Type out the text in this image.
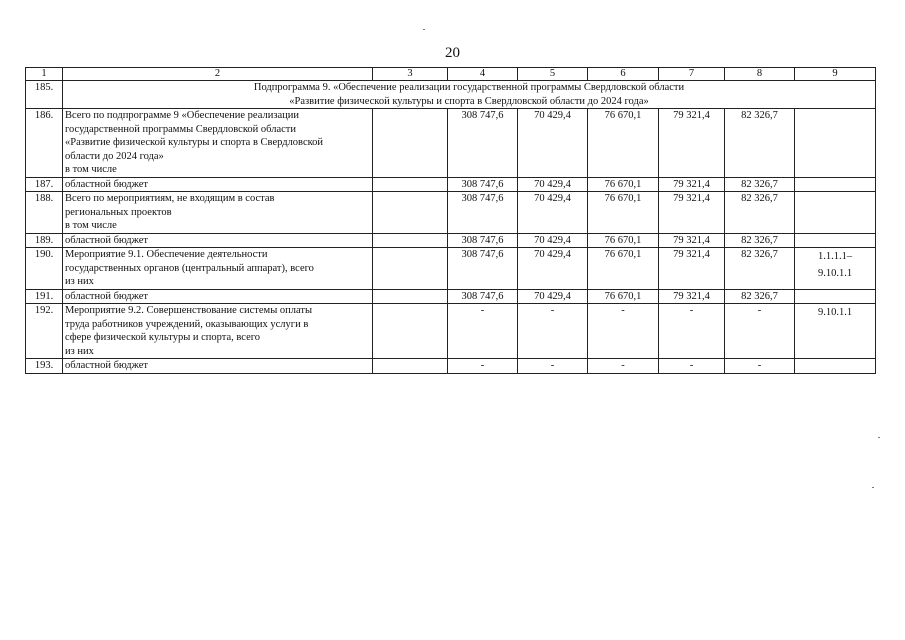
20
1	2	3	4	5	6	7	8	9
185.	Подпрограмма 9. «Обеспечение реализации государственной программы Свердловской области
«Развитие физической культуры и спорта в Свердловской области до 2024 года»							

186.	Всего по подпрограмме 9 «Обеспечение реализации
государственной программы Свердловской области
«Развитие физической культуры и спорта в Свердловской
области до 2024 года»
в том числе		308 747,6	70 429,4	76 670,1	79 321,4	82 326,7	
187.	областной бюджет		308 747,6	70 429,4	76 670,1	79 321,4	82 326,7	
188.	Всего по мероприятиям, не входящим в состав
региональных проектов
в том числе		308 747,6	70 429,4	76 670,1	79 321,4	82 326,7	
189.	областной бюджет		308 747,6	70 429,4	76 670,1	79 321,4	82 326,7	
190.	Мероприятие 9.1. Обеспечение деятельности
государственных органов (центральный аппарат), всего
из них		308 747,6	70 429,4	76 670,1	79 321,4	82 326,7	1.1.1.1–
9.10.1.1

191.	областной бюджет		308 747,6	70 429,4	76 670,1	79 321,4	82 326,7	
192.	Мероприятие 9.2. Совершенствование системы оплаты
труда работников учреждений, оказывающих услуги в
сфере физической культуры и спорта, всего
из них		-	-	-	-	-	9.10.1.1

193.	областной бюджет		-	-	-	-	-	
